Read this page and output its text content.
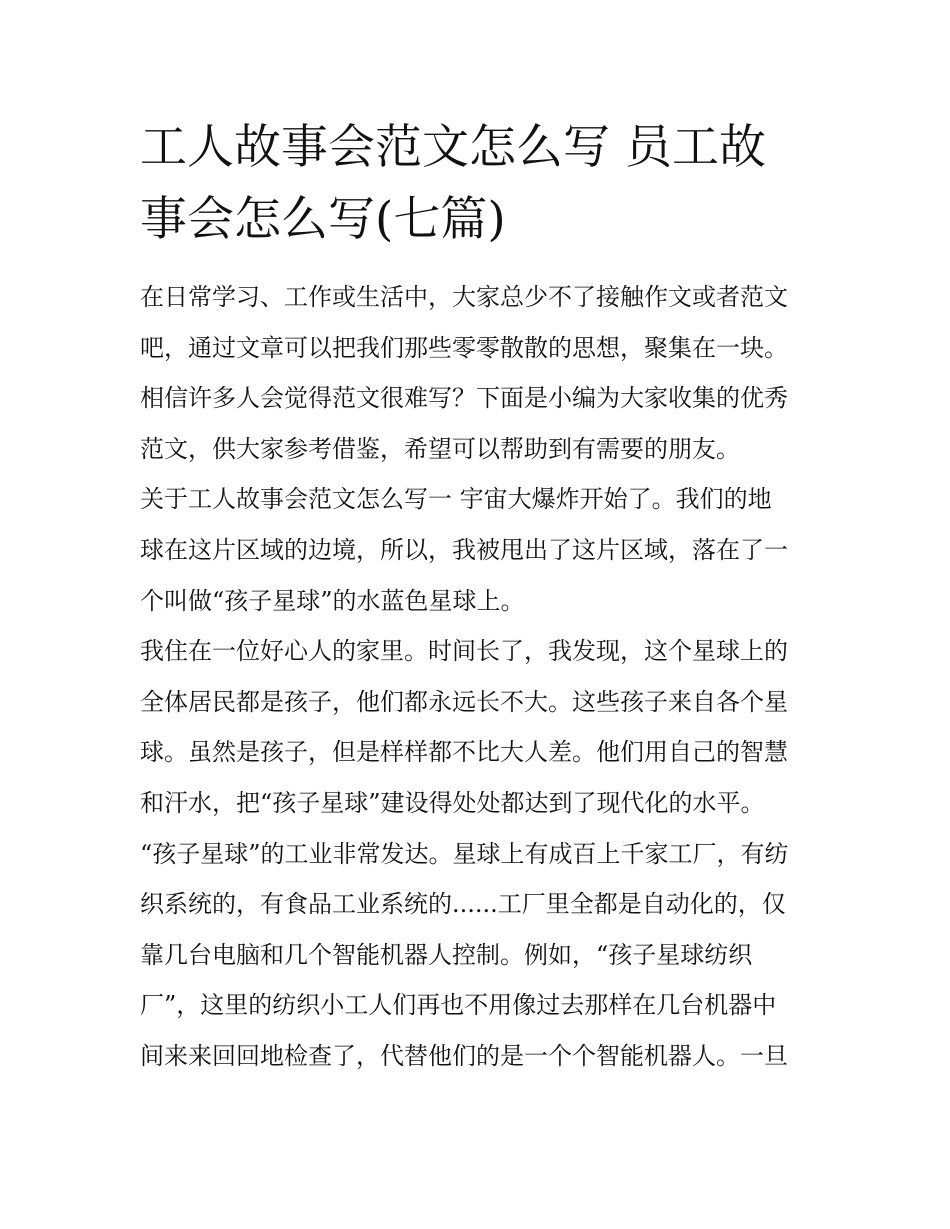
工人故事会范文怎么写 员工故
事会怎么写(七篇)
在日常学习、工作或生活中，大家总少不了接触作文或者范文
吧，通过文章可以把我们那些零零散散的思想，聚集在一块。
相信许多人会觉得范文很难写？下面是小编为大家收集的优秀
范文，供大家参考借鉴，希望可以帮助到有需要的朋友。
关于工人故事会范文怎么写一 宇宙大爆炸开始了。我们的地
球在这片区域的边境，所以，我被甩出了这片区域，落在了一
个叫做“孩子星球”的水蓝色星球上。
我住在一位好心人的家里。时间长了，我发现，这个星球上的
全体居民都是孩子，他们都永远长不大。这些孩子来自各个星
球。虽然是孩子，但是样样都不比大人差。他们用自己的智慧
和汗水，把“孩子星球”建设得处处都达到了现代化的水平。
“孩子星球”的工业非常发达。星球上有成百上千家工厂，有纺
织系统的，有食品工业系统的......工厂里全都是自动化的，仅
靠几台电脑和几个智能机器人控制。例如，“孩子星球纺织
厂”，这里的纺织小工人们再也不用像过去那样在几台机器中
间来来回回地检查了，代替他们的是一个个智能机器人。一旦
